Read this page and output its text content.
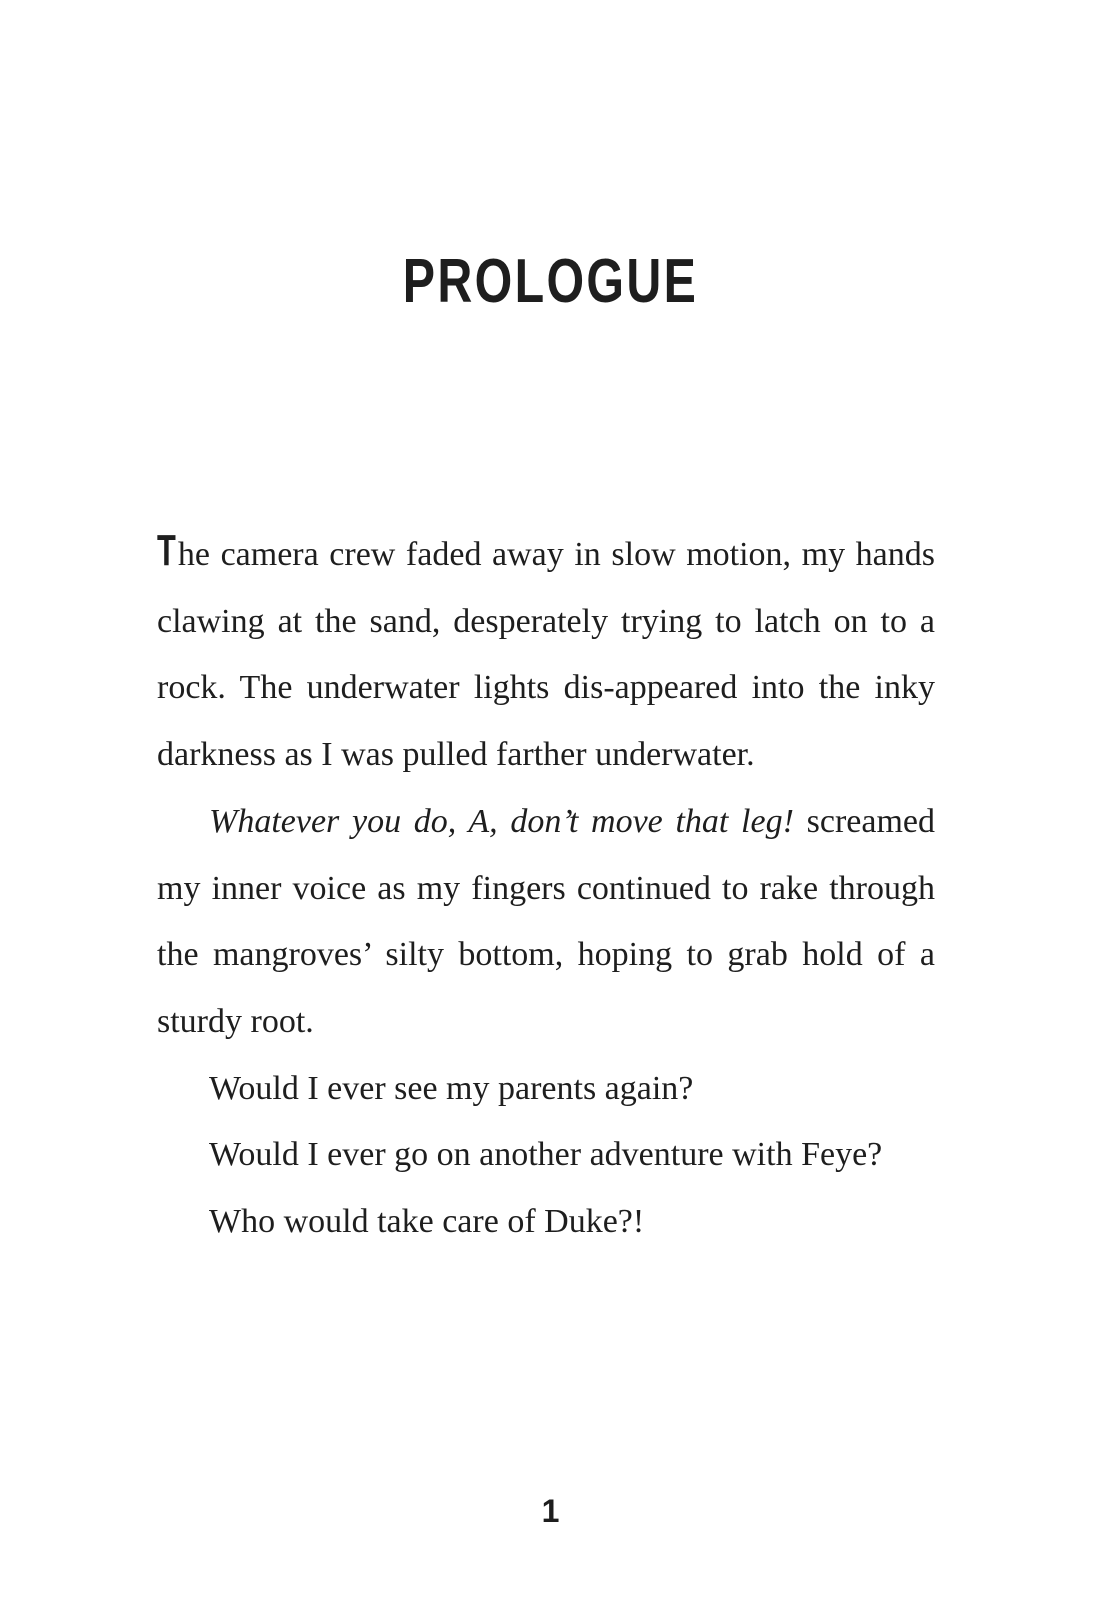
PROLOGUE

The camera crew faded away in slow motion, my hands clawing at the sand, desperately trying to latch on to a rock. The underwater lights dis-appeared into the inky darkness as I was pulled farther underwater.

Whatever you do, A, don’t move that leg! screamed my inner voice as my fingers continued to rake through the mangroves’ silty bottom, hoping to grab hold of a sturdy root.

Would I ever see my parents again?

Would I ever go on another adventure with Feye?

Who would take care of Duke?!

1
